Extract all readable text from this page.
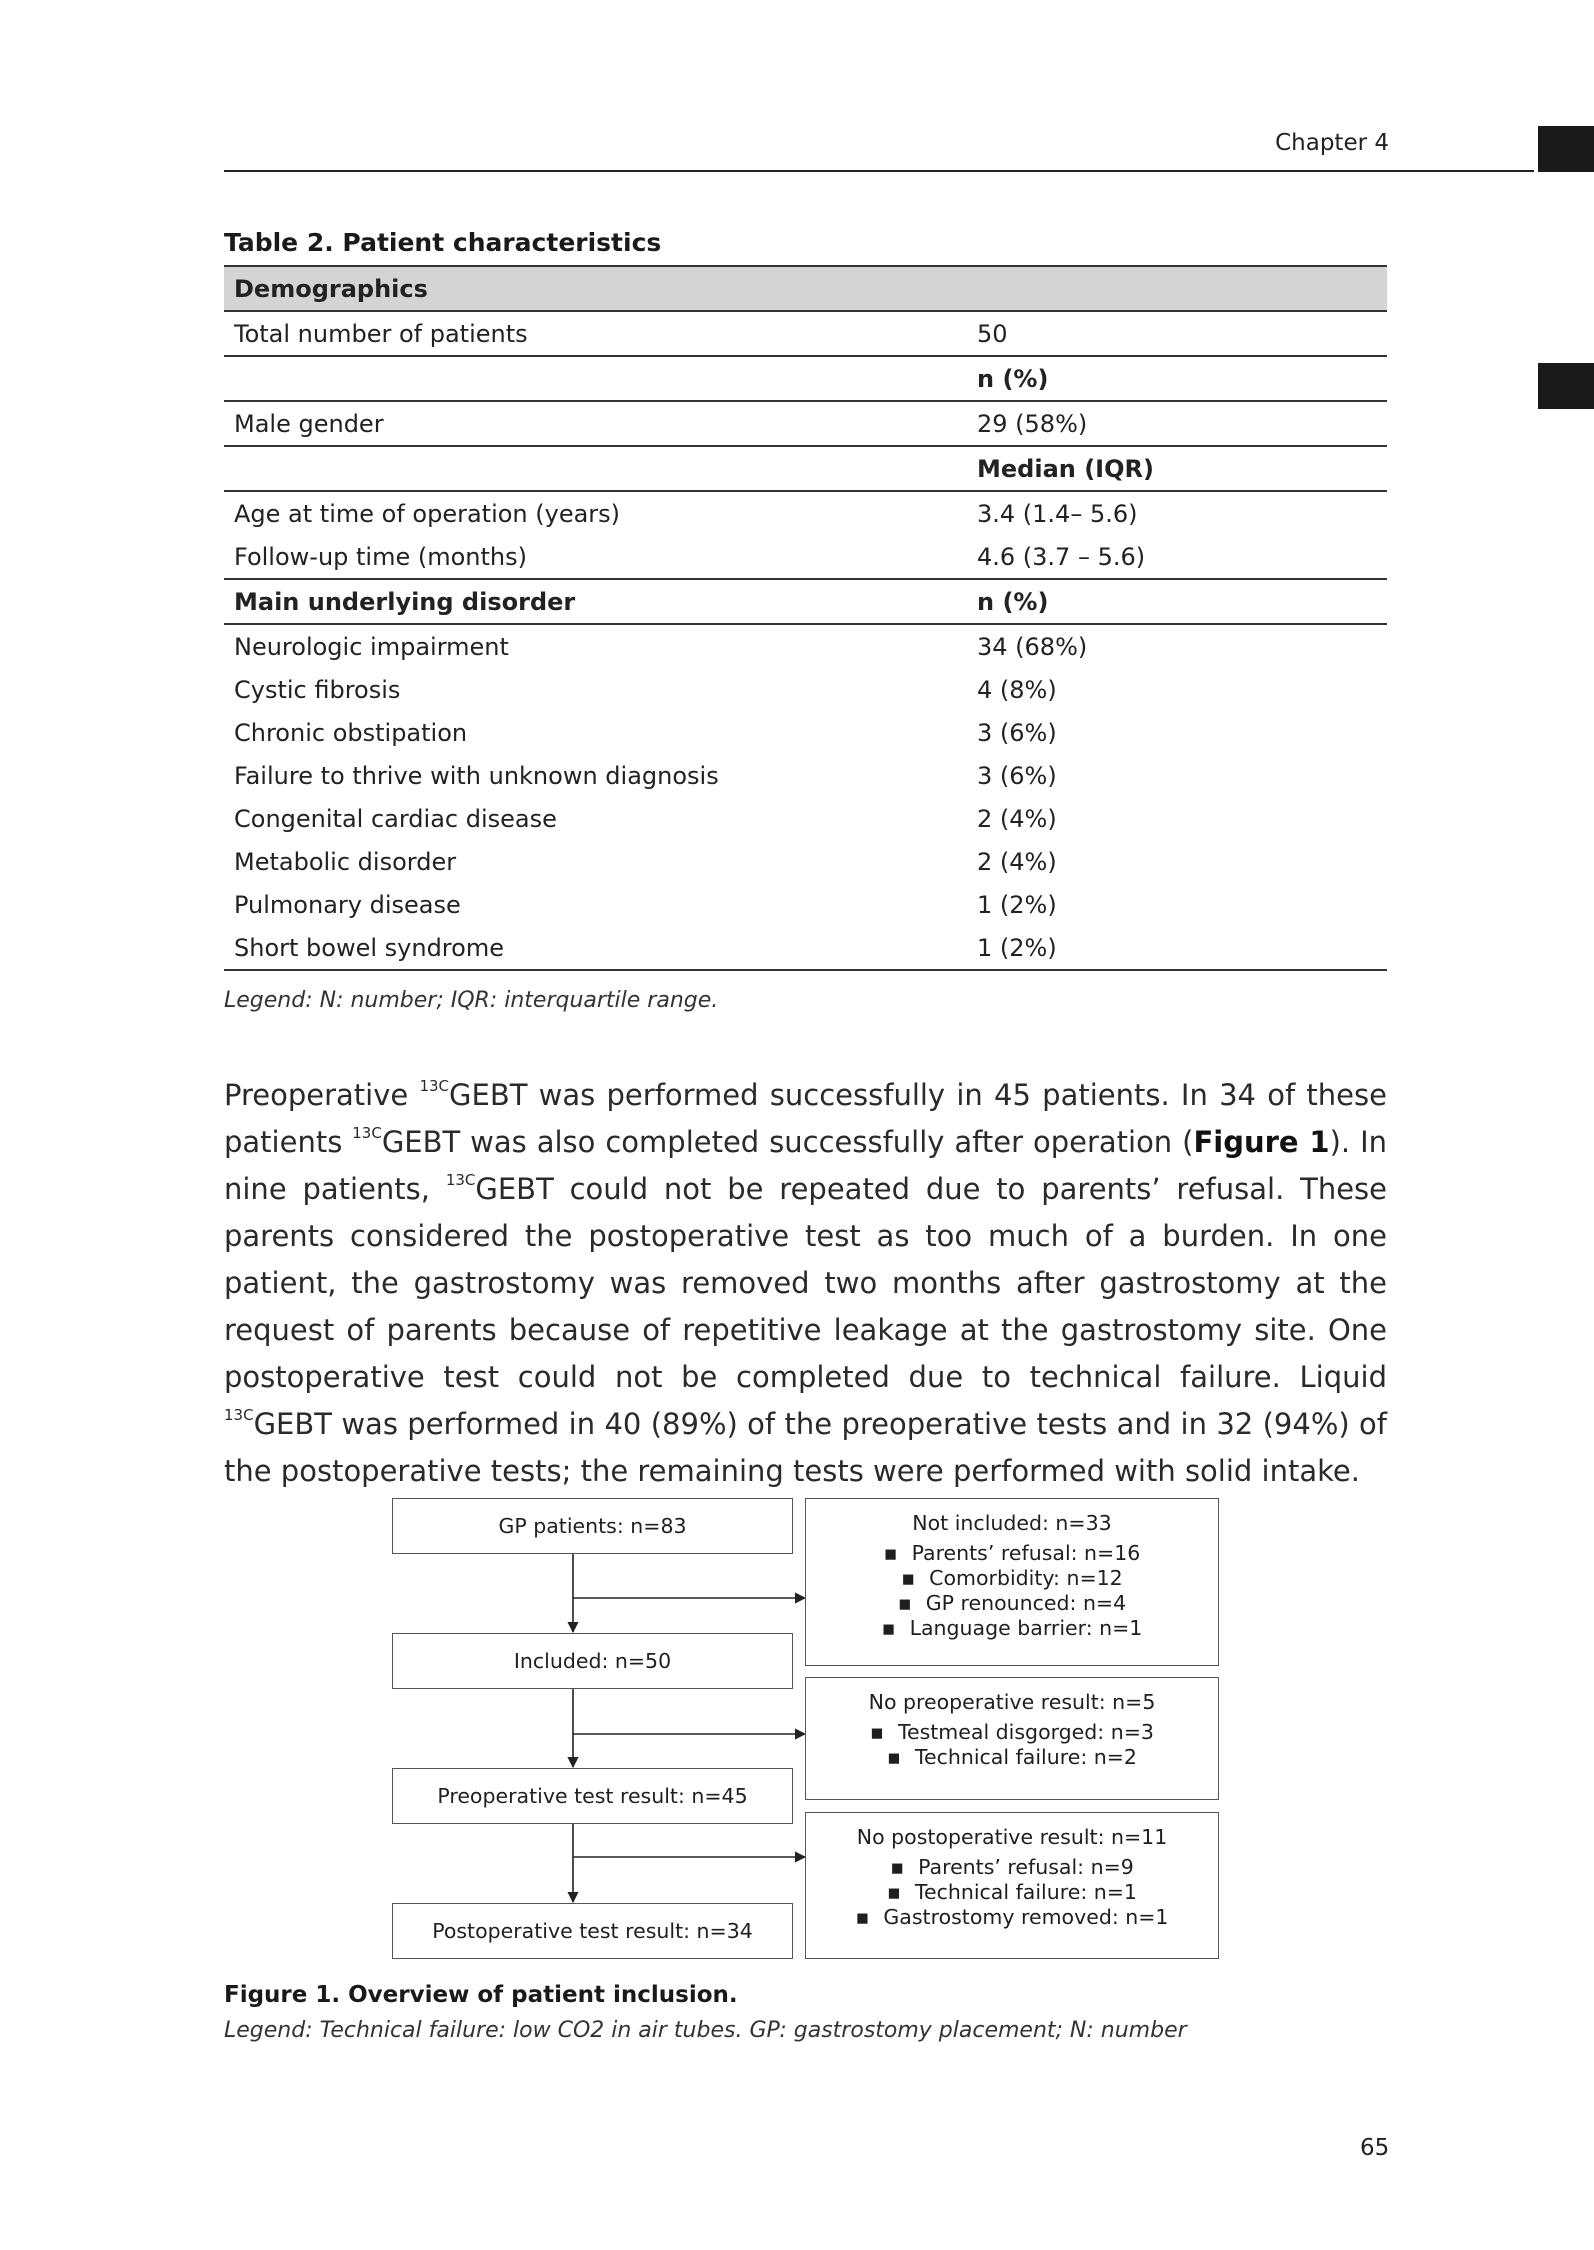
Chapter 4
Table 2. Patient characteristics
Demographics	
Total number of patients	50
	n (%)
Male gender	29 (58%)
	Median (IQR)
Age at time of operation (years)	3.4 (1.4– 5.6)
Follow-up time (months)	4.6 (3.7 – 5.6)
Main underlying disorder	n (%)
Neurologic impairment	34 (68%)
Cystic fibrosis	4 (8%)
Chronic obstipation	3 (6%)
Failure to thrive with unknown diagnosis	3 (6%)
Congenital cardiac disease	2 (4%)
Metabolic disorder	2 (4%)
Pulmonary disease	1 (2%)
Short bowel syndrome	1 (2%)
Legend: N: number; IQR: interquartile range.
Preoperative $^{13C}$GEBT was performed successfully in 45 patients. In 34 of these patients $^{13C}$GEBT was also completed successfully after operation (Figure 1). In nine patients, $^{13C}$GEBT could not be repeated due to parents’ refusal. These parents considered the postoperative test as too much of a burden. In one patient, the gastrostomy was removed two months after gastrostomy at the request of parents because of repetitive leakage at the gastrostomy site. One postoperative test could not be completed due to technical failure. Liquid $^{13C}$GEBT was performed in 40 (89%) of the preoperative tests and in 32 (94%) of the postoperative tests; the remaining tests were performed with solid intake.
GP patients: n=83
Included: n=50
Preoperative test result: n=45
Postoperative test result: n=34
Not included: n=33
▪ Parents’ refusal: n=16
▪ Comorbidity: n=12
▪ GP renounced: n=4
▪ Language barrier: n=1
No preoperative result: n=5
▪ Testmeal disgorged: n=3
▪ Technical failure: n=2
No postoperative result: n=11
▪ Parents’ refusal: n=9
▪ Technical failure: n=1
▪ Gastrostomy removed: n=1
Figure 1. Overview of patient inclusion.
Legend: Technical failure: low CO2 in air tubes. GP: gastrostomy placement; N: number
65
